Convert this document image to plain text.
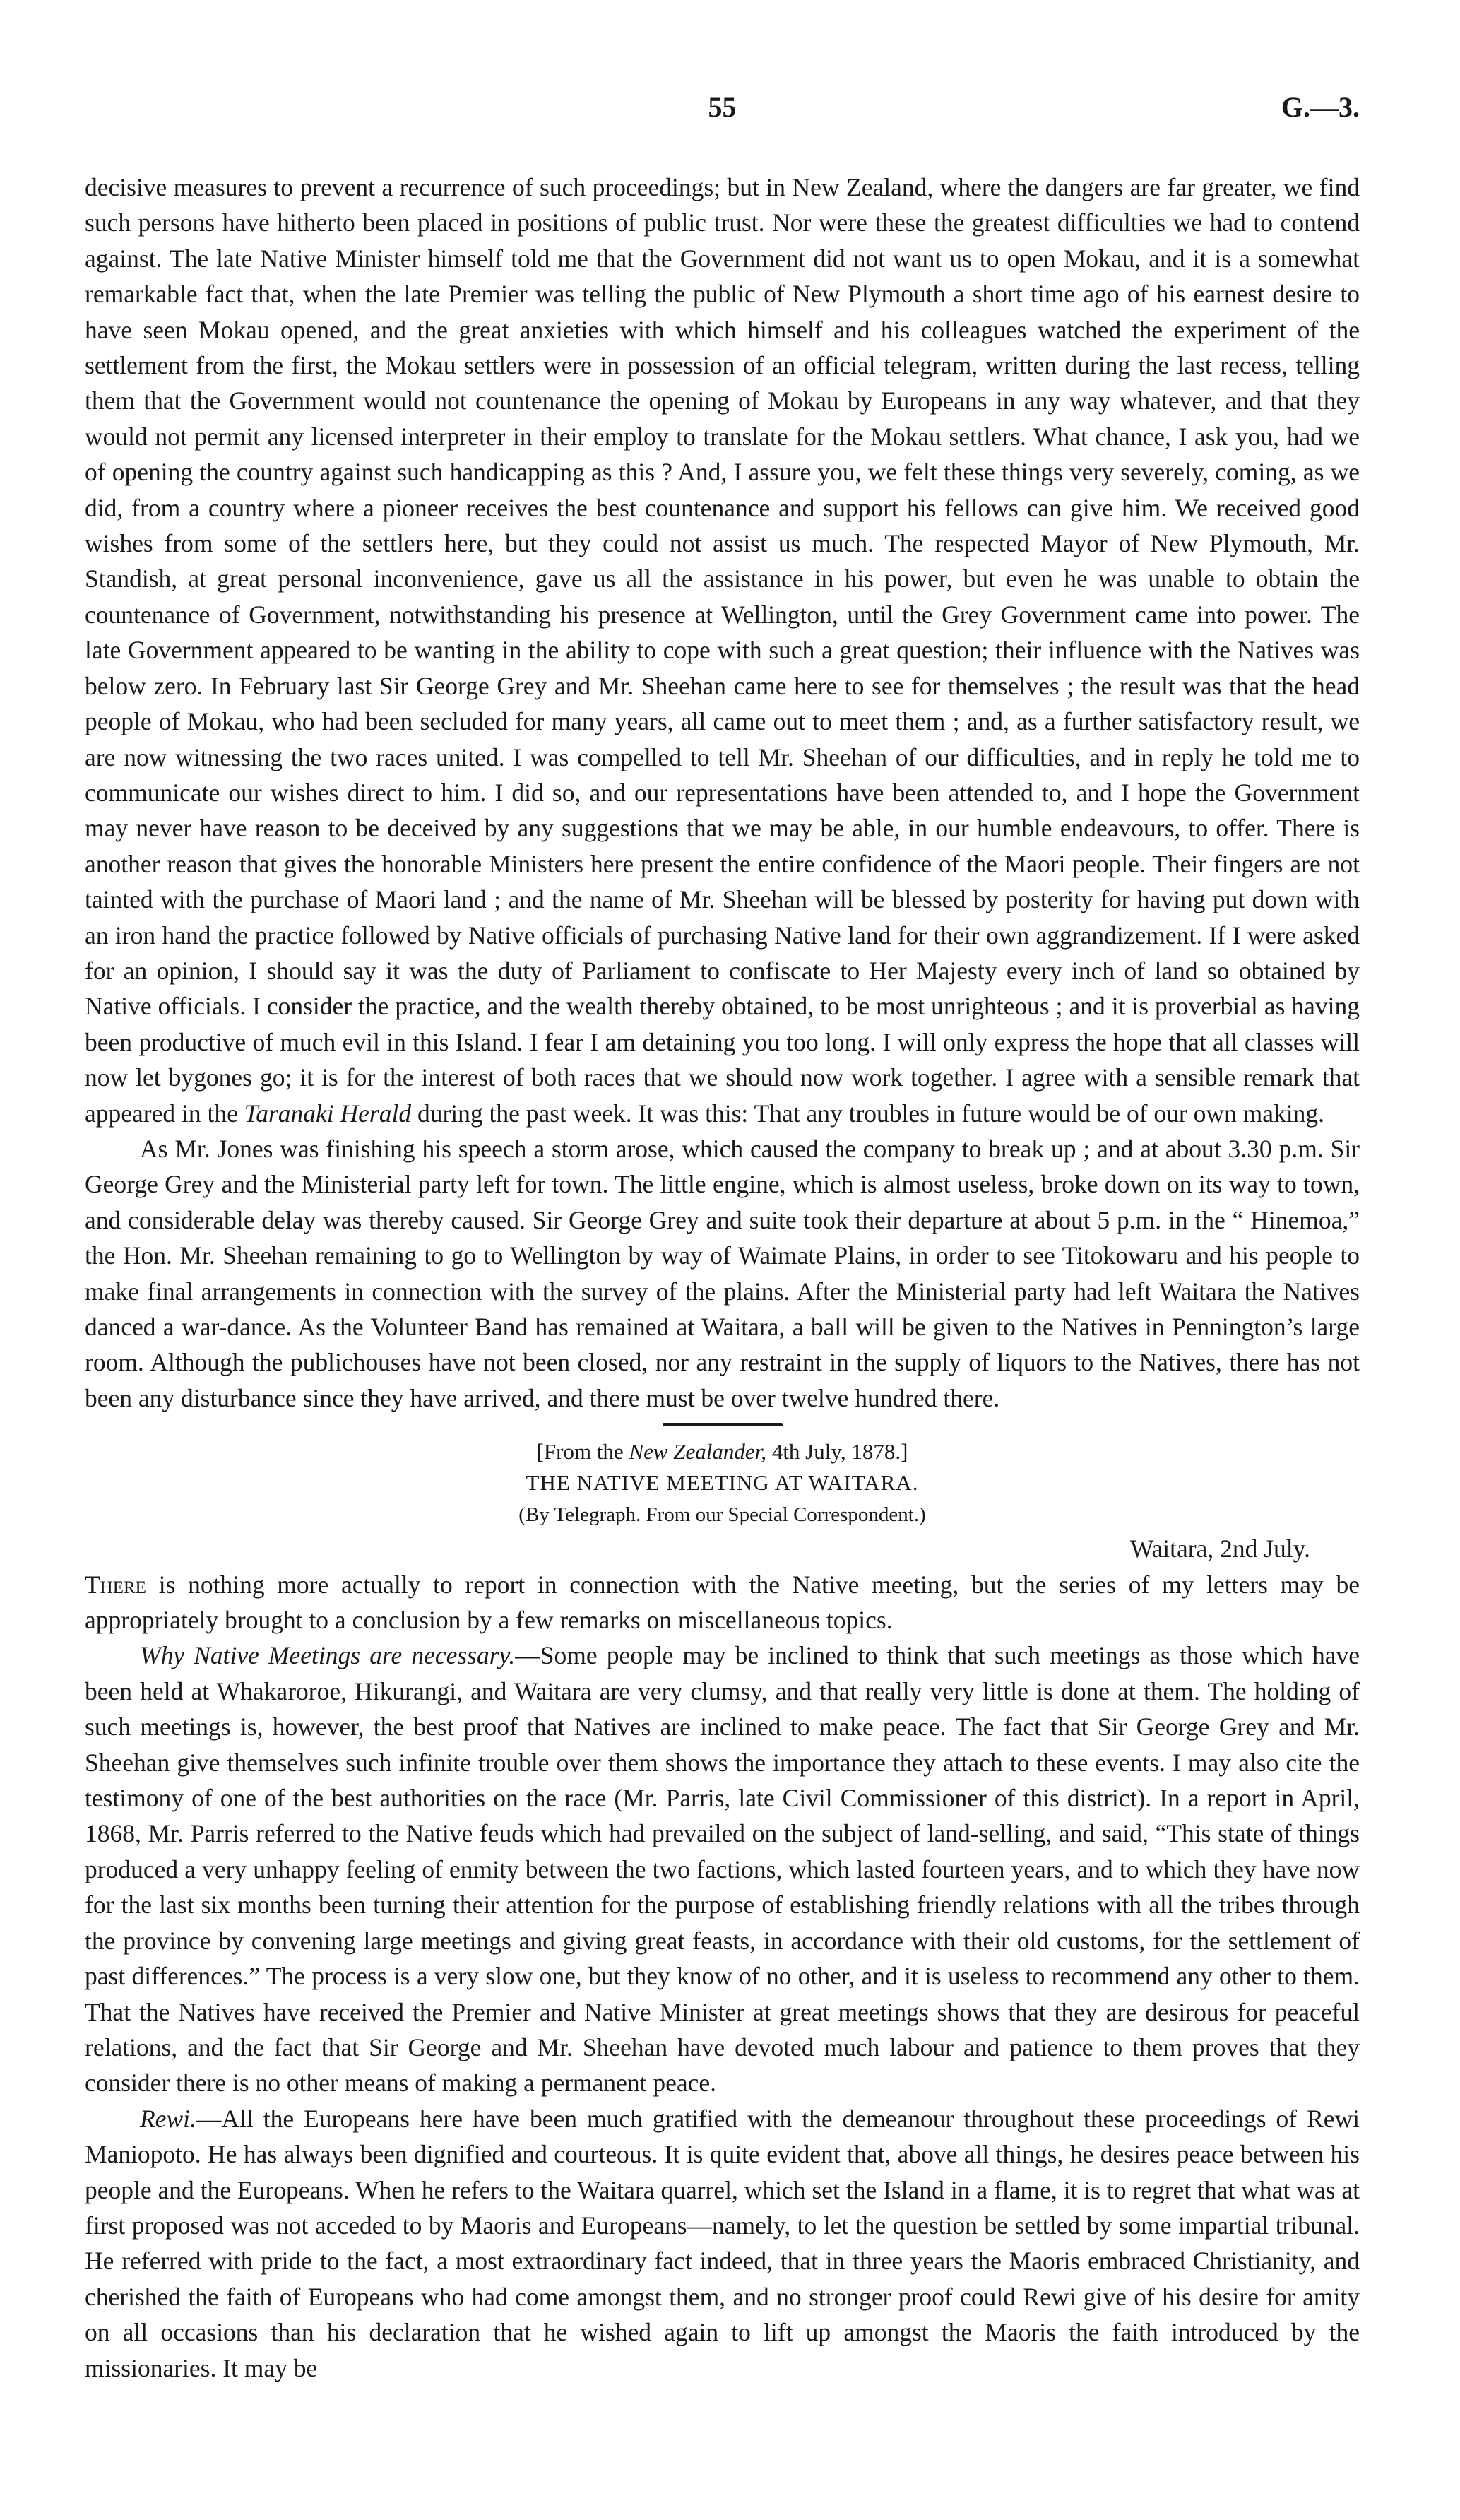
55	G.—3.

decisive measures to prevent a recurrence of such proceedings; but in New Zealand, where the dangers are far greater, we find such persons have hitherto been placed in positions of public trust. Nor were these the greatest difficulties we had to contend against. The late Native Minister himself told me that the Government did not want us to open Mokau, and it is a somewhat remarkable fact that, when the late Premier was telling the public of New Plymouth a short time ago of his earnest desire to have seen Mokau opened, and the great anxieties with which himself and his colleagues watched the experiment of the settlement from the first, the Mokau settlers were in possession of an official telegram, written during the last recess, telling them that the Government would not countenance the opening of Mokau by Europeans in any way whatever, and that they would not permit any licensed interpreter in their employ to translate for the Mokau settlers. What chance, I ask you, had we of opening the country against such handicapping as this ? And, I assure you, we felt these things very severely, coming, as we did, from a country where a pioneer receives the best countenance and support his fellows can give him. We received good wishes from some of the settlers here, but they could not assist us much. The respected Mayor of New Plymouth, Mr. Standish, at great personal inconvenience, gave us all the assistance in his power, but even he was unable to obtain the countenance of Government, notwithstanding his presence at Wellington, until the Grey Government came into power. The late Government appeared to be wanting in the ability to cope with such a great question; their influence with the Natives was below zero. In February last Sir George Grey and Mr. Sheehan came here to see for themselves ; the result was that the head people of Mokau, who had been secluded for many years, all came out to meet them ; and, as a further satisfactory result, we are now witnessing the two races united. I was compelled to tell Mr. Sheehan of our difficulties, and in reply he told me to communicate our wishes direct to him. I did so, and our representations have been attended to, and I hope the Government may never have reason to be deceived by any suggestions that we may be able, in our humble endeavours, to offer. There is another reason that gives the honorable Ministers here present the entire confidence of the Maori people. Their fingers are not tainted with the purchase of Maori land ; and the name of Mr. Sheehan will be blessed by posterity for having put down with an iron hand the practice followed by Native officials of purchasing Native land for their own aggrandizement. If I were asked for an opinion, I should say it was the duty of Parliament to confiscate to Her Majesty every inch of land so obtained by Native officials. I consider the practice, and the wealth thereby obtained, to be most unrighteous ; and it is proverbial as having been productive of much evil in this Island. I fear I am detaining you too long. I will only express the hope that all classes will now let bygones go; it is for the interest of both races that we should now work together. I agree with a sensible remark that appeared in the Taranaki Herald during the past week. It was this: That any troubles in future would be of our own making.

As Mr. Jones was finishing his speech a storm arose, which caused the company to break up ; and at about 3.30 p.m. Sir George Grey and the Ministerial party left for town. The little engine, which is almost useless, broke down on its way to town, and considerable delay was thereby caused. Sir George Grey and suite took their departure at about 5 p.m. in the “ Hinemoa,” the Hon. Mr. Sheehan remaining to go to Wellington by way of Waimate Plains, in order to see Titokowaru and his people to make final arrangements in connection with the survey of the plains. After the Ministerial party had left Waitara the Natives danced a war-dance. As the Volunteer Band has remained at Waitara, a ball will be given to the Natives in Pennington’s large room. Although the publichouses have not been closed, nor any restraint in the supply of liquors to the Natives, there has not been any disturbance since they have arrived, and there must be over twelve hundred there.

[From the New Zealander, 4th July, 1878.]

THE NATIVE MEETING AT WAITARA.

(By Telegraph. From our Special Correspondent.)

Waitara, 2nd July.

There is nothing more actually to report in connection with the Native meeting, but the series of my letters may be appropriately brought to a conclusion by a few remarks on miscellaneous topics.

Why Native Meetings are necessary.—Some people may be inclined to think that such meetings as those which have been held at Whakaroroe, Hikurangi, and Waitara are very clumsy, and that really very little is done at them. The holding of such meetings is, however, the best proof that Natives are inclined to make peace. The fact that Sir George Grey and Mr. Sheehan give themselves such infinite trouble over them shows the importance they attach to these events. I may also cite the testimony of one of the best authorities on the race (Mr. Parris, late Civil Commissioner of this district). In a report in April, 1868, Mr. Parris referred to the Native feuds which had prevailed on the subject of land-selling, and said, “This state of things produced a very unhappy feeling of enmity between the two factions, which lasted fourteen years, and to which they have now for the last six months been turning their attention for the purpose of establishing friendly relations with all the tribes through the province by convening large meetings and giving great feasts, in accordance with their old customs, for the settlement of past differences.” The process is a very slow one, but they know of no other, and it is useless to recommend any other to them. That the Natives have received the Premier and Native Minister at great meetings shows that they are desirous for peaceful relations, and the fact that Sir George and Mr. Sheehan have devoted much labour and patience to them proves that they consider there is no other means of making a permanent peace.

Rewi.—All the Europeans here have been much gratified with the demeanour throughout these proceedings of Rewi Maniopoto. He has always been dignified and courteous. It is quite evident that, above all things, he desires peace between his people and the Europeans. When he refers to the Waitara quarrel, which set the Island in a flame, it is to regret that what was at first proposed was not acceded to by Maoris and Europeans—namely, to let the question be settled by some impartial tribunal. He referred with pride to the fact, a most extraordinary fact indeed, that in three years the Maoris embraced Christianity, and cherished the faith of Europeans who had come amongst them, and no stronger proof could Rewi give of his desire for amity on all occasions than his declaration that he wished again to lift up amongst the Maoris the faith introduced by the missionaries. It may be
